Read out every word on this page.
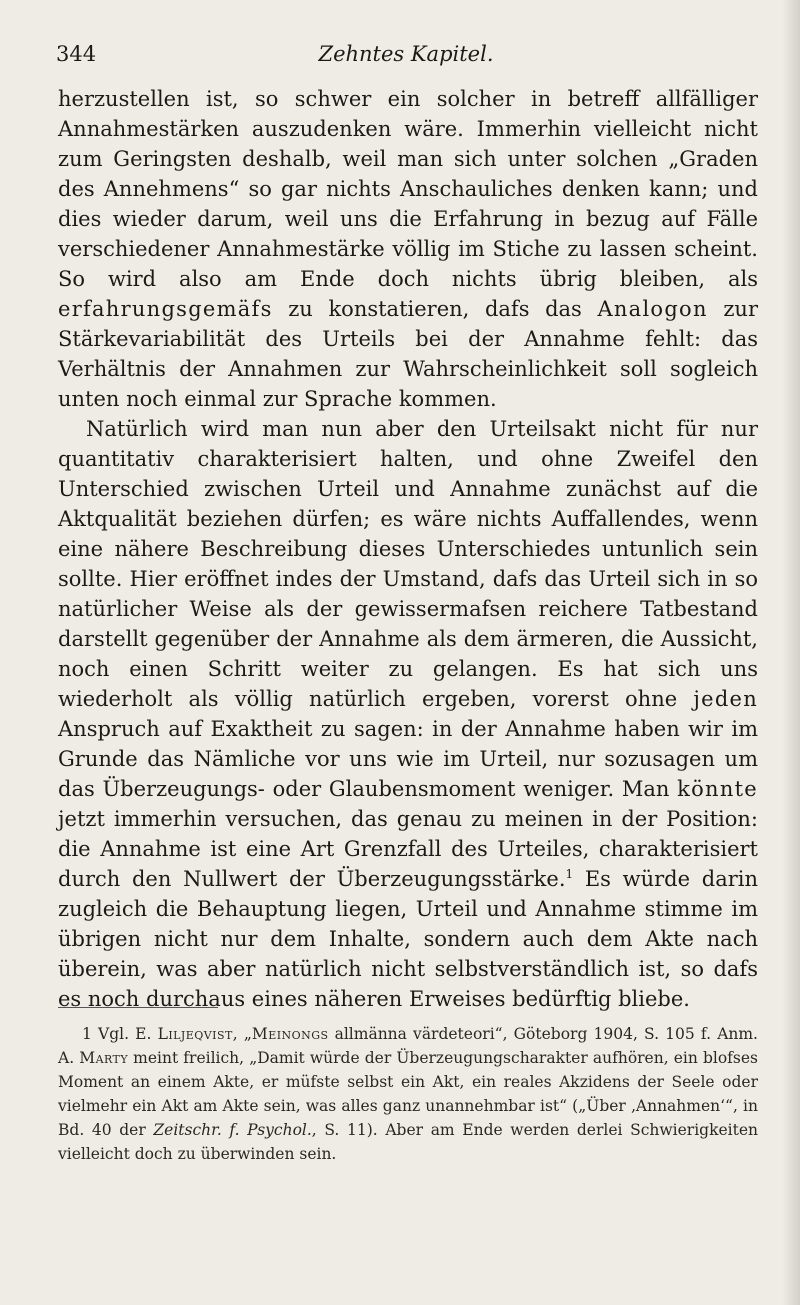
344	Zehntes Kapitel.

herzustellen ist, so schwer ein solcher in betreff allfälliger Annahmestärken auszudenken wäre. Immerhin vielleicht nicht zum Geringsten deshalb, weil man sich unter solchen „Graden des Annehmens“ so gar nichts Anschauliches denken kann; und dies wieder darum, weil uns die Erfahrung in bezug auf Fälle verschiedener Annahmestärke völlig im Stiche zu lassen scheint. So wird also am Ende doch nichts übrig bleiben, als erfahrungsgemäfs zu konstatieren, dafs das Analogon zur Stärkevariabilität des Urteils bei der Annahme fehlt: das Verhältnis der Annahmen zur Wahrscheinlichkeit soll sogleich unten noch einmal zur Sprache kommen.

Natürlich wird man nun aber den Urteilsakt nicht für nur quantitativ charakterisiert halten, und ohne Zweifel den Unterschied zwischen Urteil und Annahme zunächst auf die Aktqualität beziehen dürfen; es wäre nichts Auffallendes, wenn eine nähere Beschreibung dieses Unterschiedes untunlich sein sollte. Hier eröffnet indes der Umstand, dafs das Urteil sich in so natürlicher Weise als der gewissermafsen reichere Tatbestand darstellt gegenüber der Annahme als dem ärmeren, die Aussicht, noch einen Schritt weiter zu gelangen. Es hat sich uns wiederholt als völlig natürlich ergeben, vorerst ohne jeden Anspruch auf Exaktheit zu sagen: in der Annahme haben wir im Grunde das Nämliche vor uns wie im Urteil, nur sozusagen um das Überzeugungs- oder Glaubensmoment weniger. Man könnte jetzt immerhin versuchen, das genau zu meinen in der Position: die Annahme ist eine Art Grenzfall des Urteiles, charakterisiert durch den Nullwert der Überzeugungsstärke.$^1$ Es würde darin zugleich die Behauptung liegen, Urteil und Annahme stimme im übrigen nicht nur dem Inhalte, sondern auch dem Akte nach überein, was aber natürlich nicht selbstverständlich ist, so dafs es noch durchaus eines näheren Erweises bedürftig bliebe.

1 Vgl. E. Liljeqvist, „Meinongs allmänna värdeteori“, Göteborg 1904, S. 105 f. Anm. A. Marty meint freilich, „Damit würde der Überzeugungscharakter aufhören, ein blofses Moment an einem Akte, er müfste selbst ein Akt, ein reales Akzidens der Seele oder vielmehr ein Akt am Akte sein, was alles ganz unannehmbar ist“ („Über ‚Annahmen‘“, in Bd. 40 der Zeitschr. f. Psychol., S. 11). Aber am Ende werden derlei Schwierigkeiten vielleicht doch zu überwinden sein.
